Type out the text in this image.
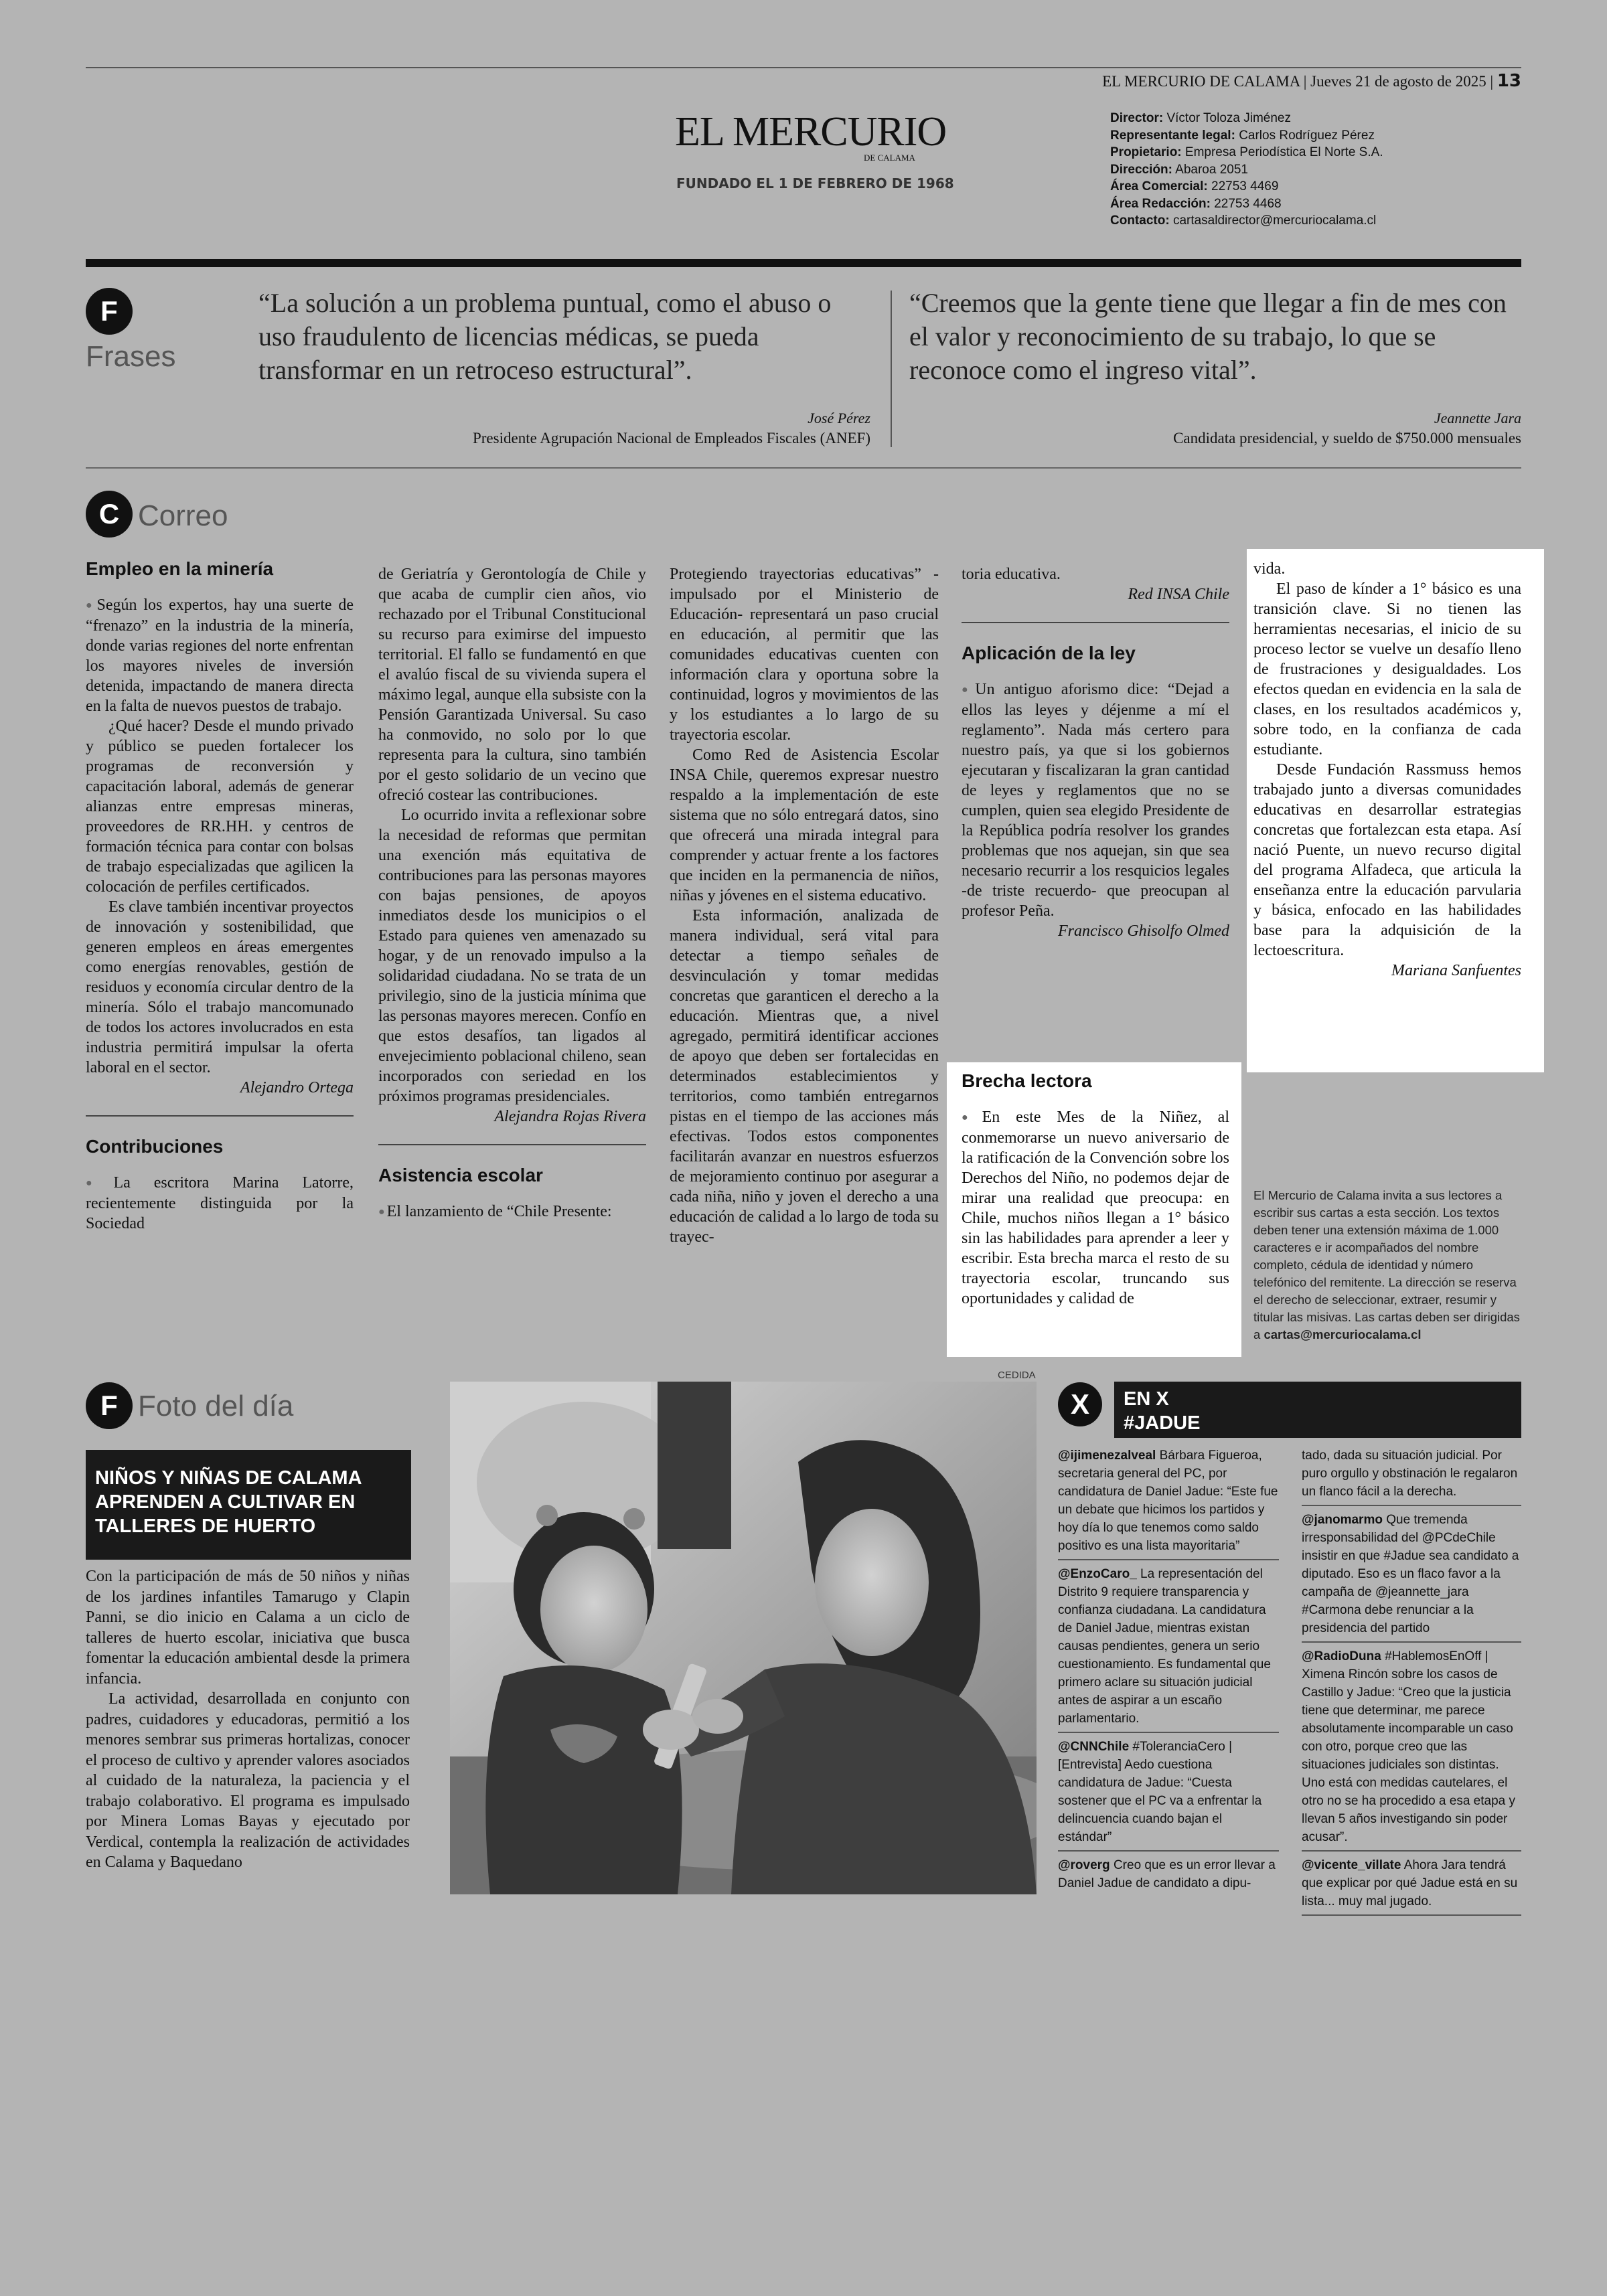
EL MERCURIO DE CALAMA | Jueves 21 de agosto de 2025 | 13
EL MERCURIO
DE CALAMA
FUNDADO EL 1 DE FEBRERO DE 1968
Director: Víctor Toloza Jiménez
Representante legal: Carlos Rodríguez Pérez
Propietario: Empresa Periodística El Norte S.A.
Dirección: Abaroa 2051
Área Comercial: 22753 4469
Área Redacción: 22753 4468
Contacto: cartasaldirector@mercuriocalama.cl
F
Frases
“La solución a un problema puntual, como el abuso o uso fraudulento de licencias médicas, se pueda transformar en un retroceso estructural”.
José Pérez
Presidente Agrupación Nacional de Empleados Fiscales (ANEF)
“Creemos que la gente tiene que llegar a fin de mes con el valor y reconocimiento de su trabajo, lo que se reconoce como el ingreso vital”.
Jeannette Jara
Candidata presidencial, y sueldo de $750.000 mensuales
C Correo
Empleo en la minería

● Según los expertos, hay una suerte de “frenazo” en la industria de la minería, donde varias regiones del norte enfrentan los mayores niveles de inversión detenida, impactando de manera directa en la falta de nuevos puestos de trabajo.

¿Qué hacer? Desde el mundo privado y público se pueden fortalecer los programas de reconversión y capacitación laboral, además de generar alianzas entre empresas mineras, proveedores de RR.HH. y centros de formación técnica para contar con bolsas de trabajo especializadas que agilicen la colocación de perfiles certificados.

Es clave también incentivar proyectos de innovación y sostenibilidad, que generen empleos en áreas emergentes como energías renovables, gestión de residuos y economía circular dentro de la minería. Sólo el trabajo mancomunado de todos los actores involucrados en esta industria permitirá impulsar la oferta laboral en el sector.

Alejandro Ortega

Contribuciones

● La escritora Marina Latorre, recientemente distinguida por la Sociedad

de Geriatría y Gerontología de Chile y que acaba de cumplir cien años, vio rechazado por el Tribunal Constitucional su recurso para eximirse del impuesto territorial. El fallo se fundamentó en que el avalúo fiscal de su vivienda supera el máximo legal, aunque ella subsiste con la Pensión Garantizada Universal. Su caso ha conmovido, no solo por lo que representa para la cultura, sino también por el gesto solidario de un vecino que ofreció costear las contribuciones.

Lo ocurrido invita a reflexionar sobre la necesidad de reformas que permitan una exención más equitativa de contribuciones para las personas mayores con bajas pensiones, de apoyos inmediatos desde los municipios o el Estado para quienes ven amenazado su hogar, y de un renovado impulso a la solidaridad ciudadana. No se trata de un privilegio, sino de la justicia mínima que las personas mayores merecen. Confío en que estos desafíos, tan ligados al envejecimiento poblacional chileno, sean incorporados con seriedad en los próximos programas presidenciales.

Alejandra Rojas Rivera

Asistencia escolar

● El lanzamiento de “Chile Presente:

Protegiendo trayectorias educativas” -impulsado por el Ministerio de Educación- representará un paso crucial en educación, al permitir que las comunidades educativas cuenten con información clara y oportuna sobre la continuidad, logros y movimientos de las y los estudiantes a lo largo de su trayectoria escolar.

Como Red de Asistencia Escolar INSA Chile, queremos expresar nuestro respaldo a la implementación de este sistema que no sólo entregará datos, sino que ofrecerá una mirada integral para comprender y actuar frente a los factores que inciden en la permanencia de niños, niñas y jóvenes en el sistema educativo.

Esta información, analizada de manera individual, será vital para detectar a tiempo señales de desvinculación y tomar medidas concretas que garanticen el derecho a la educación. Mientras que, a nivel agregado, permitirá identificar acciones de apoyo que deben ser fortalecidas en determinados establecimientos y territorios, como también entregarnos pistas en el tiempo de las acciones más efectivas. Todos estos componentes facilitarán avanzar en nuestros esfuerzos de mejoramiento continuo por asegurar a cada niña, niño y joven el derecho a una educación de calidad a lo largo de toda su trayec-

toria educativa.

Red INSA Chile

Aplicación de la ley

● Un antiguo aforismo dice: “Dejad a ellos las leyes y déjenme a mí el reglamento”. Nada más certero para nuestro país, ya que si los gobiernos ejecutaran y fiscalizaran la gran cantidad de leyes y reglamentos que no se cumplen, quien sea elegido Presidente de la República podría resolver los grandes problemas que nos aquejan, sin que sea necesario recurrir a los resquicios legales -de triste recuerdo- que preocupan al profesor Peña.

Francisco Ghisolfo Olmed

Brecha lectora

● En este Mes de la Niñez, al conmemorarse un nuevo aniversario de la ratificación de la Convención sobre los Derechos del Niño, no podemos dejar de mirar una realidad que preocupa: en Chile, muchos niños llegan a 1° básico sin las habilidades para aprender a leer y escribir. Esta brecha marca el resto de su trayectoria escolar, truncando sus oportunidades y calidad de

vida.

El paso de kínder a 1° básico es una transición clave. Si no tienen las herramientas necesarias, el inicio de su proceso lector se vuelve un desafío lleno de frustraciones y desigualdades. Los efectos quedan en evidencia en la sala de clases, en los resultados académicos y, sobre todo, en la confianza de cada estudiante.

Desde Fundación Rassmuss hemos trabajado junto a diversas comunidades educativas en desarrollar estrategias concretas que fortalezcan esta etapa. Así nació Puente, un nuevo recurso digital del programa Alfadeca, que articula la enseñanza entre la educación parvularia y básica, enfocado en las habilidades base para la adquisición de la lectoescritura.

Mariana Sanfuentes

El Mercurio de Calama invita a sus lectores a escribir sus cartas a esta sección. Los textos deben tener una extensión máxima de 1.000 caracteres e ir acompañados del nombre completo, cédula de identidad y número telefónico del remitente. La dirección se reserva el derecho de seleccionar, extraer, resumir y titular las misivas. Las cartas deben ser dirigidas a cartas@mercuriocalama.cl
F Foto del día
NIÑOS Y NIÑAS DE CALAMA APRENDEN A CULTIVAR EN TALLERES DE HUERTO

Con la participación de más de 50 niños y niñas de los jardines infantiles Tamarugo y Clapin Panni, se dio inicio en Calama a un ciclo de talleres de huerto escolar, iniciativa que busca fomentar la educación ambiental desde la primera infancia.

La actividad, desarrollada en conjunto con padres, cuidadores y educadoras, permitió a los menores sembrar sus primeras hortalizas, conocer el proceso de cultivo y aprender valores asociados al cuidado de la naturaleza, la paciencia y el trabajo colaborativo. El programa es impulsado por Minera Lomas Bayas y ejecutado por Verdical, contempla la realización de actividades en Calama y Baquedano

CEDIDA
X	EN X
#JADUE
@ijimenezalveal Bárbara Figueroa, secretaria general del PC, por candidatura de Daniel Jadue: “Este fue un debate que hicimos los partidos y hoy día lo que tenemos como saldo positivo es una lista mayoritaria”
@EnzoCaro_ La representación del Distrito 9 requiere transparencia y confianza ciudadana. La candidatura de Daniel Jadue, mientras existan causas pendientes, genera un serio cuestionamiento. Es fundamental que primero aclare su situación judicial antes de aspirar a un escaño parlamentario.
@CNNChile #ToleranciaCero | [Entrevista] Aedo cuestiona candidatura de Jadue: “Cuesta sostener que el PC va a enfrentar la delincuencia cuando bajan el estándar”
@roverg Creo que es un error llevar a Daniel Jadue de candidato a dipu-
tado, dada su situación judicial. Por puro orgullo y obstinación le regalaron un flanco fácil a la derecha.
@janomarmo Que tremenda irresponsabilidad del @PCdeChile insistir en que #Jadue sea candidato a diputado. Eso es un flaco favor a la campaña de @jeannette_jara #Carmona debe renunciar a la presidencia del partido
@RadioDuna #HablemosEnOff | Ximena Rincón sobre los casos de Castillo y Jadue: “Creo que la justicia tiene que determinar, me parece absolutamente incomparable un caso con otro, porque creo que las situaciones judiciales son distintas. Uno está con medidas cautelares, el otro no se ha procedido a esa etapa y llevan 5 años investigando sin poder acusar”.
@vicente_villate Ahora Jara tendrá que explicar por qué Jadue está en su lista... muy mal jugado.
